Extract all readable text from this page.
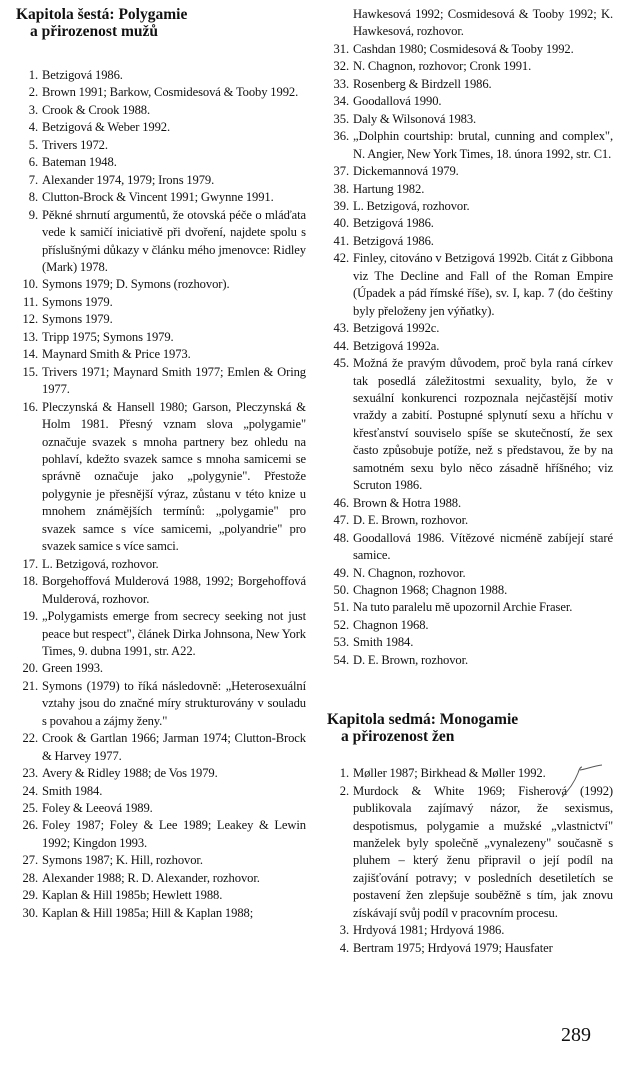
Kapitola šestá: Polygamie
a přirozenost mužů
1. Betzigová 1986.
2. Brown 1991; Barkow, Cosmidesová & Tooby 1992.
3. Crook & Crook 1988.
4. Betzigová & Weber 1992.
5. Trivers 1972.
6. Bateman 1948.
7. Alexander 1974, 1979; Irons 1979.
8. Clutton-Brock & Vincent 1991; Gwynne 1991.
9. Pěkné shrnutí argumentů, že otovská péče o mláďata vede k samičí iniciativě při dvoření, najdete spolu s příslušnými důkazy v článku mého jmenovce: Ridley (Mark) 1978.
10. Symons 1979; D. Symons (rozhovor).
11. Symons 1979.
12. Symons 1979.
13. Tripp 1975; Symons 1979.
14. Maynard Smith & Price 1973.
15. Trivers 1971; Maynard Smith 1977; Emlen & Oring 1977.
16. Pleczynská & Hansell 1980; Garson, Pleczynská & Holm 1981. Přesný vznam slova „polygamie" označuje svazek s mnoha partnery bez ohledu na pohlaví, kdežto svazek samce s mnoha samicemi se správně označuje jako „polygynie". Přestože polygynie je přesnější výraz, zůstanu v této knize u mnohem známějších termínů: „polygamie" pro svazek samce s více samicemi, „polyandrie" pro svazek samice s více samci.
17. L. Betzigová, rozhovor.
18. Borgehoffová Mulderová 1988, 1992; Borgehoffová Mulderová, rozhovor.
19. „Polygamists emerge from secrecy seeking not just peace but respect", článek Dirka Johnsona, New York Times, 9. dubna 1991, str. A22.
20. Green 1993.
21. Symons (1979) to říká následovně: „Heterosexuální vztahy jsou do značné míry strukturovány v souladu s povahou a zájmy ženy."
22. Crook & Gartlan 1966; Jarman 1974; Clutton-Brock & Harvey 1977.
23. Avery & Ridley 1988; de Vos 1979.
24. Smith 1984.
25. Foley & Leeová 1989.
26. Foley 1987; Foley & Lee 1989; Leakey & Lewin 1992; Kingdon 1993.
27. Symons 1987; K. Hill, rozhovor.
28. Alexander 1988; R. D. Alexander, rozhovor.
29. Kaplan & Hill 1985b; Hewlett 1988.
30. Kaplan & Hill 1985a; Hill & Kaplan 1988;
Hawkesová 1992; Cosmidesová & Tooby 1992; K. Hawkesová, rozhovor.
31. Cashdan 1980; Cosmidesová & Tooby 1992.
32. N. Chagnon, rozhovor; Cronk 1991.
33. Rosenberg & Birdzell 1986.
34. Goodallová 1990.
35. Daly & Wilsonová 1983.
36. „Dolphin courtship: brutal, cunning and complex", N. Angier, New York Times, 18. února 1992, str. C1.
37. Dickemannová 1979.
38. Hartung 1982.
39. L. Betzigová, rozhovor.
40. Betzigová 1986.
41. Betzigová 1986.
42. Finley, citováno v Betzigová 1992b. Citát z Gibbona viz The Decline and Fall of the Roman Empire (Úpadek a pád římské říše), sv. I, kap. 7 (do češtiny byly přeloženy jen výňatky).
43. Betzigová 1992c.
44. Betzigová 1992a.
45. Možná že pravým důvodem, proč byla raná církev tak posedlá záležitostmi sexuality, bylo, že v sexuální konkurenci rozpoznala nejčastější motiv vraždy a zabití. Postupné splynutí sexu a hříchu v křesťanství souviselo spíše se skutečností, že sex často způsobuje potíže, než s představou, že by na samotném sexu bylo něco zásadně hříšného; viz Scruton 1986.
46. Brown & Hotra 1988.
47. D. E. Brown, rozhovor.
48. Goodallová 1986. Vítězové nicméně zabíjejí staré samice.
49. N. Chagnon, rozhovor.
50. Chagnon 1968; Chagnon 1988.
51. Na tuto paralelu mě upozornil Archie Fraser.
52. Chagnon 1968.
53. Smith 1984.
54. D. E. Brown, rozhovor.
Kapitola sedmá: Monogamie
a přirozenost žen
1. Møller 1987; Birkhead & Møller 1992.
2. Murdock & White 1969; Fisherová (1992) publikovala zajímavý názor, že sexismus, despotismus, polygamie a mužské „vlastnictví" manželek byly společně „vynalezeny" současně s pluhem – který ženu připravil o její podíl na zajišťování potravy; v posledních desetiletích se postavení žen zlepšuje souběžně s tím, jak znovu získávají svůj podíl v pracovním procesu.
3. Hrdyová 1981; Hrdyová 1986.
4. Bertram 1975; Hrdyová 1979; Hausfater
289
